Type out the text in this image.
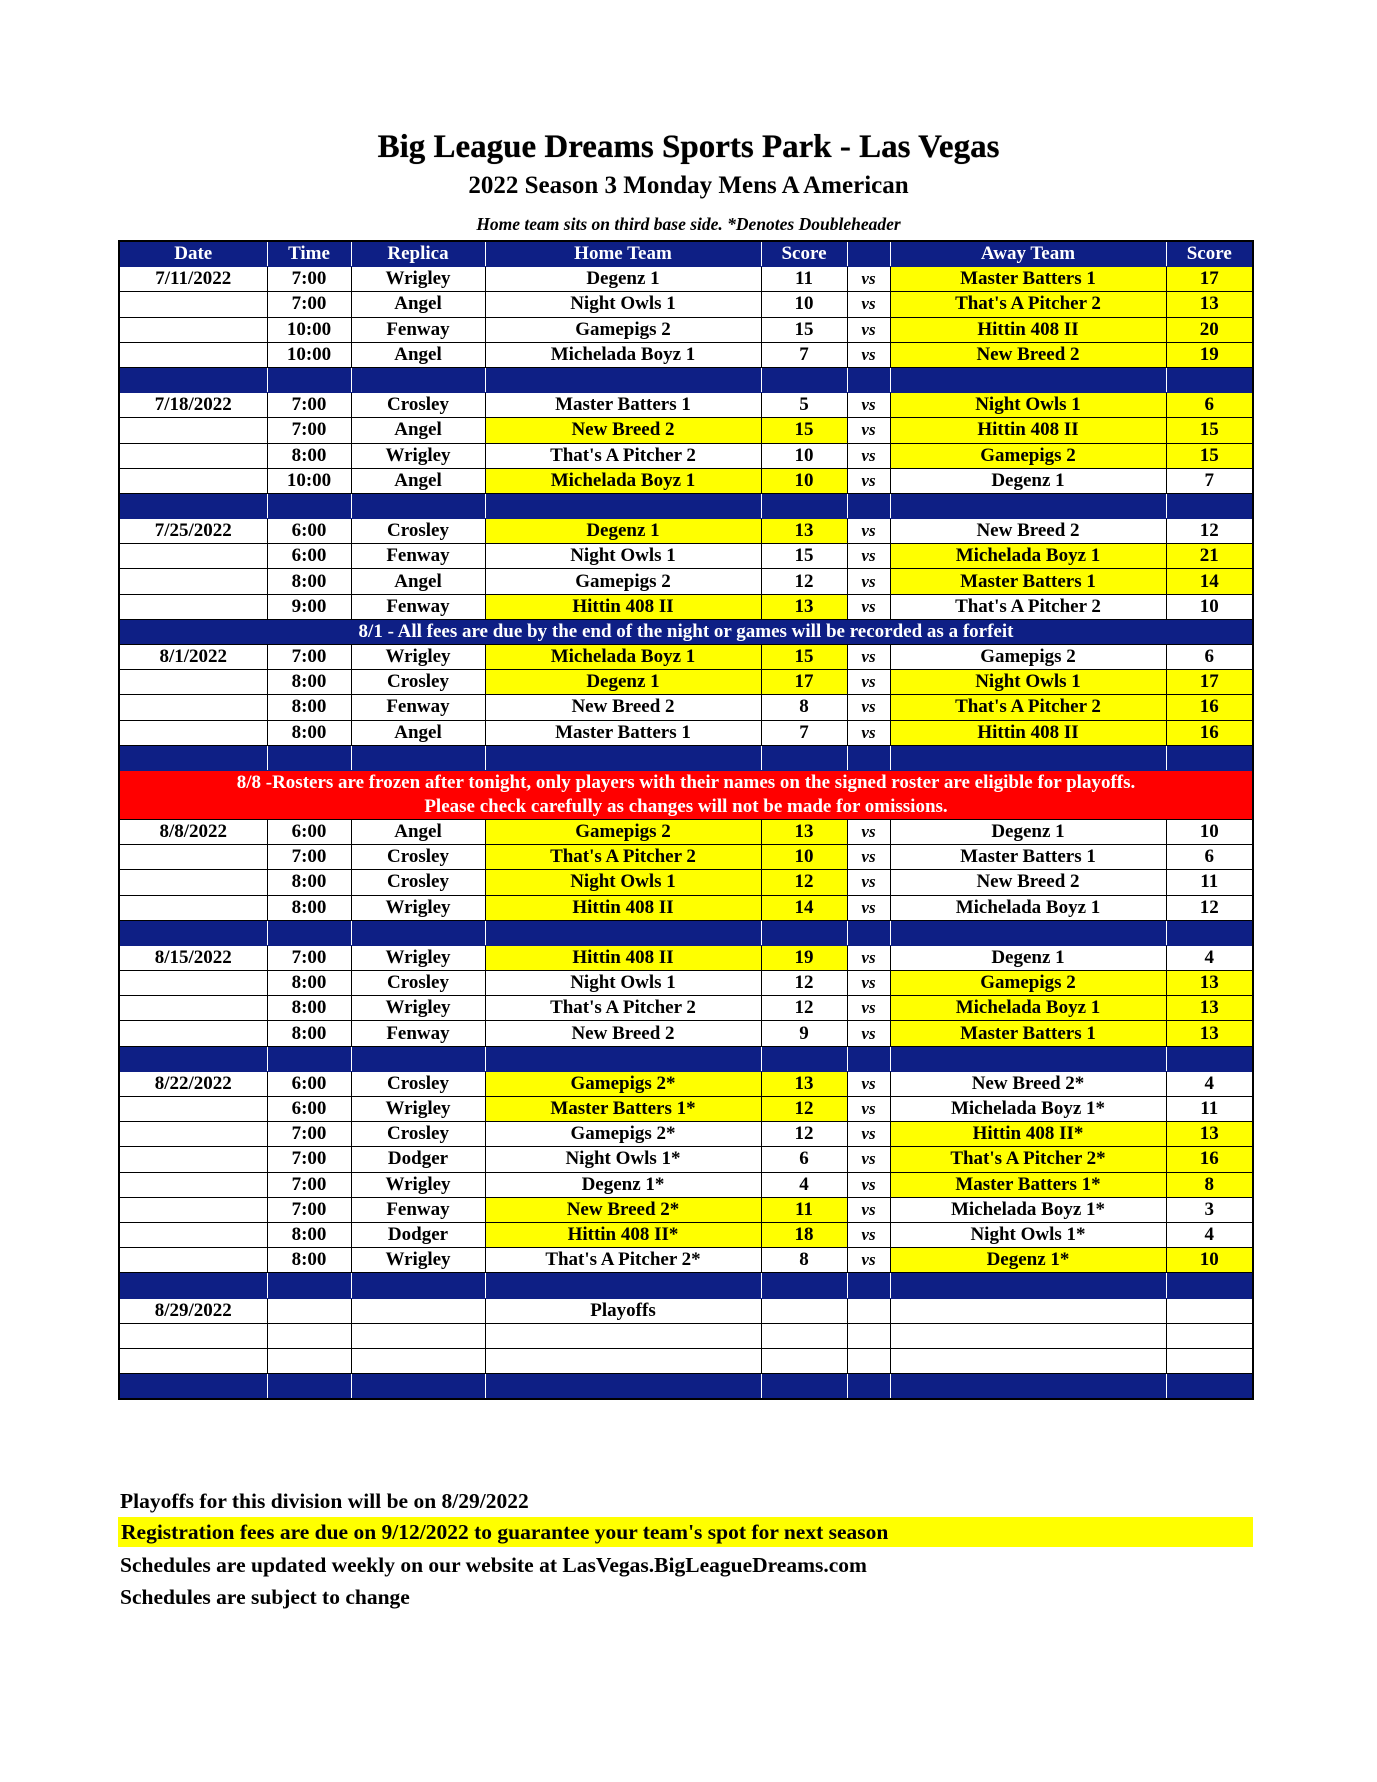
Big League Dreams Sports Park - Las Vegas
2022 Season 3 Monday Mens A American
Home team sits on third base side. *Denotes Doubleheader
Date	Time	Replica	Home Team	Score		Away Team	Score
7/11/2022	7:00	Wrigley	Degenz 1	11	vs	Master Batters 1	17
	7:00	Angel	Night Owls 1	10	vs	That's A Pitcher 2	13
	10:00	Fenway	Gamepigs 2	15	vs	Hittin 408 II	20
	10:00	Angel	Michelada Boyz 1	7	vs	New Breed 2	19

7/18/2022	7:00	Crosley	Master Batters 1	5	vs	Night Owls 1	6
	7:00	Angel	New Breed 2	15	vs	Hittin 408 II	15
	8:00	Wrigley	That's A Pitcher 2	10	vs	Gamepigs 2	15
	10:00	Angel	Michelada Boyz 1	10	vs	Degenz 1	7

7/25/2022	6:00	Crosley	Degenz 1	13	vs	New Breed 2	12
	6:00	Fenway	Night Owls 1	15	vs	Michelada Boyz 1	21
	8:00	Angel	Gamepigs 2	12	vs	Master Batters 1	14
	9:00	Fenway	Hittin 408 II	13	vs	That's A Pitcher 2	10
8/1 - All fees are due by the end of the night or games will be recorded as a forfeit							
8/1/2022	7:00	Wrigley	Michelada Boyz 1	15	vs	Gamepigs 2	6
	8:00	Crosley	Degenz 1	17	vs	Night Owls 1	17
	8:00	Fenway	New Breed 2	8	vs	That's A Pitcher 2	16
	8:00	Angel	Master Batters 1	7	vs	Hittin 408 II	16

8/8 -Rosters are frozen after tonight, only players with their names on the signed roster are eligible for playoffs.
Please check carefully as changes will not be made for omissions.							

8/8/2022	6:00	Angel	Gamepigs 2	13	vs	Degenz 1	10
	7:00	Crosley	That's A Pitcher 2	10	vs	Master Batters 1	6
	8:00	Crosley	Night Owls 1	12	vs	New Breed 2	11
	8:00	Wrigley	Hittin 408 II	14	vs	Michelada Boyz 1	12

8/15/2022	7:00	Wrigley	Hittin 408 II	19	vs	Degenz 1	4
	8:00	Crosley	Night Owls 1	12	vs	Gamepigs 2	13
	8:00	Wrigley	That's A Pitcher 2	12	vs	Michelada Boyz 1	13
	8:00	Fenway	New Breed 2	9	vs	Master Batters 1	13

8/22/2022	6:00	Crosley	Gamepigs 2*	13	vs	New Breed 2*	4
	6:00	Wrigley	Master Batters 1*	12	vs	Michelada Boyz 1*	11
	7:00	Crosley	Gamepigs 2*	12	vs	Hittin 408 II*	13
	7:00	Dodger	Night Owls 1*	6	vs	That's A Pitcher 2*	16
	7:00	Wrigley	Degenz 1*	4	vs	Master Batters 1*	8
	7:00	Fenway	New Breed 2*	11	vs	Michelada Boyz 1*	3
	8:00	Dodger	Hittin 408 II*	18	vs	Night Owls 1*	4
	8:00	Wrigley	That's A Pitcher 2*	8	vs	Degenz 1*	10

8/29/2022			Playoffs				

Playoffs for this division will be on 8/29/2022
Registration fees are due on 9/12/2022 to guarantee your team's spot for next season
Schedules are updated weekly on our website at LasVegas.BigLeagueDreams.com
Schedules are subject to change
